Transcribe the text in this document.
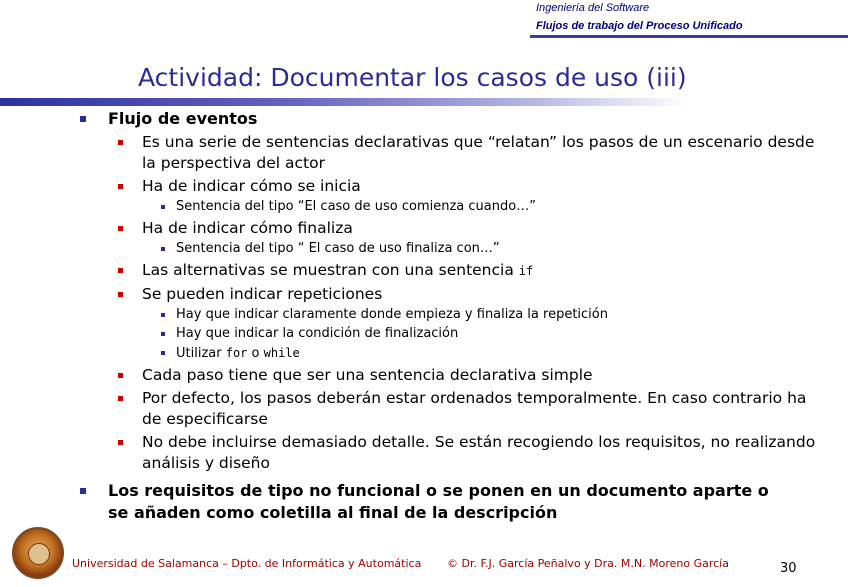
Ingeniería del Software
Flujos de trabajo del Proceso Unificado
Actividad: Documentar los casos de uso (iii)
Flujo de eventos
Es una serie de sentencias declarativas que “relatan” los pasos de un escenario desde la perspectiva del actor
Ha de indicar cómo se inicia
Sentencia del tipo “El caso de uso comienza cuando…”
Ha de indicar cómo finaliza
Sentencia del tipo “ El caso de uso finaliza con…”
Las alternativas se muestran con una sentencia if
Se pueden indicar repeticiones
Hay que indicar claramente donde empieza y finaliza la repetición
Hay que indicar la condición de finalización
Utilizar for o while
Cada paso tiene que ser una sentencia declarativa simple
Por defecto, los pasos deberán estar ordenados temporalmente. En caso contrario ha de especificarse
No debe incluirse demasiado detalle. Se están recogiendo los requisitos, no realizando análisis y diseño
Los requisitos de tipo no funcional o se ponen en un documento aparte o se añaden como coletilla al final de la descripción
Universidad de Salamanca – Dpto. de Informática y Automática © Dr. F.J. García Peñalvo y Dra. M.N. Moreno García	30
